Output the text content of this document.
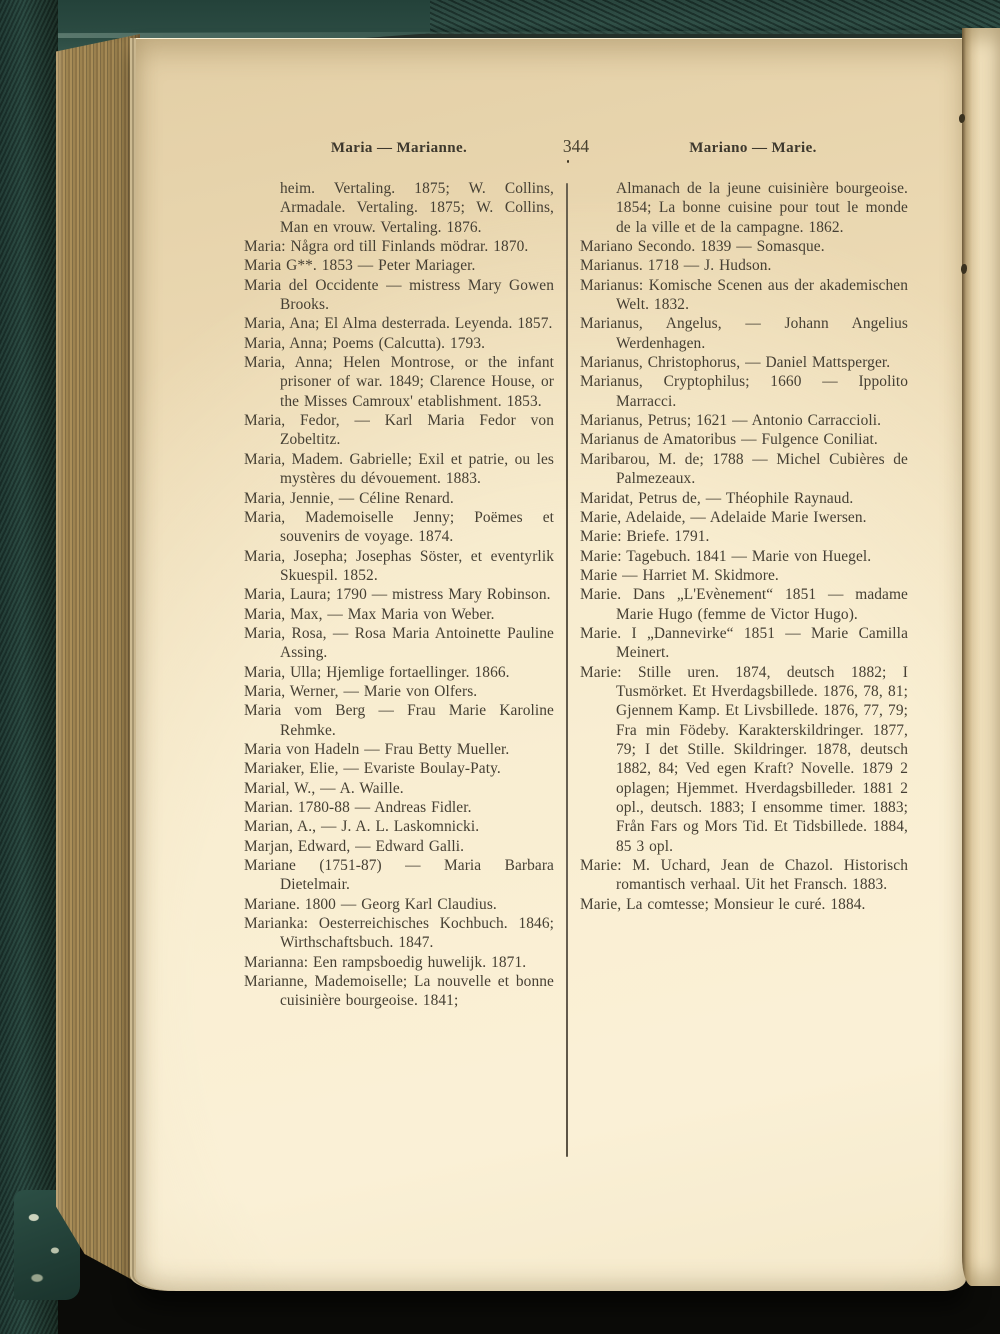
Maria — Marianne.	344	Mariano — Marie.

heim. Vertaling. 1875; W. Collins, Armadale. Vertaling. 1875; W. Collins, Man en vrouw. Vertaling. 1876.

Maria: Några ord till Finlands mödrar. 1870.

Maria G**. 1853 — Peter Mariager.

Maria del Occidente — mistress Mary Gowen Brooks.

Maria, Ana; El Alma desterrada. Leyenda. 1857.

Maria, Anna; Poems (Calcutta). 1793.

Maria, Anna; Helen Montrose, or the infant prisoner of war. 1849; Clarence House, or the Misses Camroux' etablishment. 1853.

Maria, Fedor, — Karl Maria Fedor von Zobeltitz.

Maria, Madem. Gabrielle; Exil et patrie, ou les mystères du dévouement. 1883.

Maria, Jennie, — Céline Renard.

Maria, Mademoiselle Jenny; Poëmes et souvenirs de voyage. 1874.

Maria, Josepha; Josephas Söster, et eventyrlik Skuespil. 1852.

Maria, Laura; 1790 — mistress Mary Robinson.

Maria, Max, — Max Maria von Weber.

Maria, Rosa, — Rosa Maria Antoinette Pauline Assing.

Maria, Ulla; Hjemlige fortaellinger. 1866.

Maria, Werner, — Marie von Olfers.

Maria vom Berg — Frau Marie Karoline Rehmke.

Maria von Hadeln — Frau Betty Mueller.

Mariaker, Elie, — Evariste Boulay-Paty.

Marial, W., — A. Waille.

Marian. 1780-88 — Andreas Fidler.

Marian, A., — J. A. L. Laskomnicki.

Marjan, Edward, — Edward Galli.

Mariane (1751-87) — Maria Barbara Dietelmair.

Mariane. 1800 — Georg Karl Claudius.

Marianka: Oesterreichisches Kochbuch. 1846; Wirthschaftsbuch. 1847.

Marianna: Een rampsboedig huwelijk. 1871.

Marianne, Mademoiselle; La nouvelle et bonne cuisinière bourgeoise. 1841;

Almanach de la jeune cuisinière bourgeoise. 1854; La bonne cuisine pour tout le monde de la ville et de la campagne. 1862.

Mariano Secondo. 1839 — Somasque.

Marianus. 1718 — J. Hudson.

Marianus: Komische Scenen aus der akademischen Welt. 1832.

Marianus, Angelus, — Johann Angelius Werdenhagen.

Marianus, Christophorus, — Daniel Mattsperger.

Marianus, Cryptophilus; 1660 — Ippolito Marracci.

Marianus, Petrus; 1621 — Antonio Carraccioli.

Marianus de Amatoribus — Fulgence Coniliat.

Maribarou, M. de; 1788 — Michel Cubières de Palmezeaux.

Maridat, Petrus de, — Théophile Raynaud.

Marie, Adelaide, — Adelaide Marie Iwersen.

Marie: Briefe. 1791.

Marie: Tagebuch. 1841 — Marie von Huegel.

Marie — Harriet M. Skidmore.

Marie. Dans „L'Evènement“ 1851 — madame Marie Hugo (femme de Victor Hugo).

Marie. I „Dannevirke“ 1851 — Marie Camilla Meinert.

Marie: Stille uren. 1874, deutsch 1882; I Tusmörket. Et Hverdagsbillede. 1876, 78, 81; Gjennem Kamp. Et Livsbillede. 1876, 77, 79; Fra min Födeby. Karakterskildringer. 1877, 79; I det Stille. Skildringer. 1878, deutsch 1882, 84; Ved egen Kraft? Novelle. 1879 2 oplagen; Hjemmet. Hverdagsbilleder. 1881 2 opl., deutsch. 1883; I ensomme timer. 1883; Från Fars og Mors Tid. Et Tidsbillede. 1884, 85 3 opl.

Marie: M. Uchard, Jean de Chazol. Historisch romantisch verhaal. Uit het Fransch. 1883.

Marie, La comtesse; Monsieur le curé. 1884.
